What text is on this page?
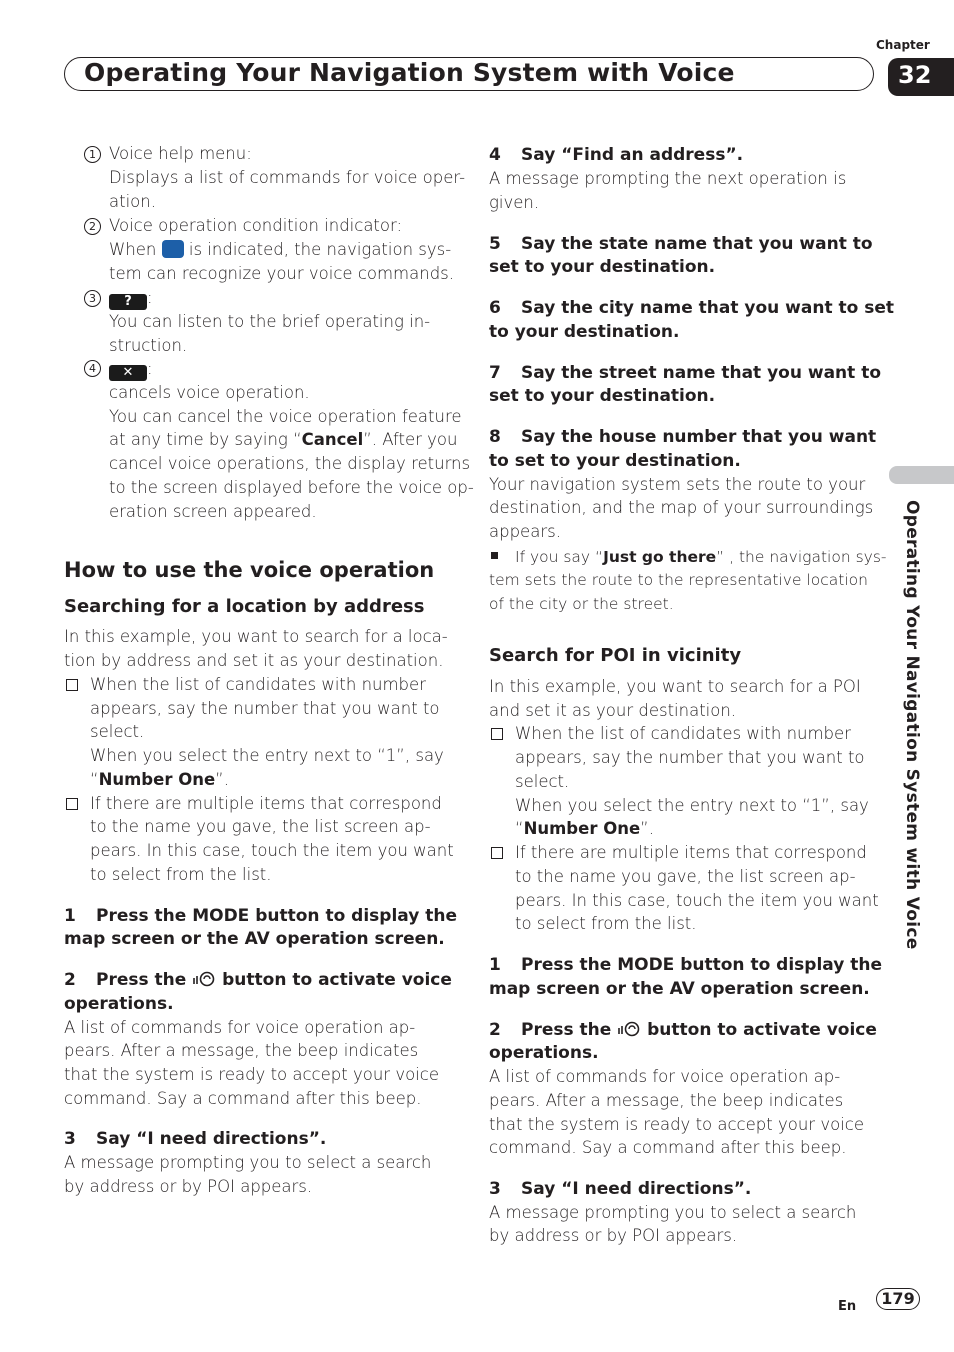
Chapter
Operating Your Navigation System with Voice	32
Operating Your Navigation System with Voice
1 Voice help menu:
Displays a list of commands for voice oper-
ation.
2 Voice operation condition indicator:
When is indicated, the navigation sys-
tem can recognize your voice commands.
3	? :
You can listen to the brief operating in-
struction.
4	✕ :
cancels voice operation.
You can cancel the voice operation feature
at any time by saying “Cancel”. After you
cancel voice operations, the display returns
to the screen displayed before the voice op-
eration screen appeared.
How to use the voice operation
Searching for a location by address
In this example, you want to search for a loca-
tion by address and set it as your destination.
When the list of candidates with number
appears, say the number that you want to
select.
When you select the entry next to “1”, say
“Number One”.
If there are multiple items that correspond
to the name you gave, the list screen ap-
pears. In this case, touch the item you want
to select from the list.
1 Press the MODE button to display the
map screen or the AV operation screen.
2 Press the button to activate voice
operations.
A list of commands for voice operation ap-
pears. After a message, the beep indicates
that the system is ready to accept your voice
command. Say a command after this beep.
3 Say “I need directions”.
A message prompting you to select a search
by address or by POI appears.
4 Say “Find an address”.
A message prompting the next operation is
given.
5 Say the state name that you want to
set to your destination.
6 Say the city name that you want to set
to your destination.
7 Say the street name that you want to
set to your destination.
8 Say the house number that you want
to set to your destination.
Your navigation system sets the route to your
destination, and the map of your surroundings
appears.
If you say “Just go there” , the navigation sys-
tem sets the route to the representative location
of the city or the street.
Search for POI in vicinity
In this example, you want to search for a POI
and set it as your destination.
When the list of candidates with number
appears, say the number that you want to
select.
When you select the entry next to “1”, say
“Number One”.
If there are multiple items that correspond
to the name you gave, the list screen ap-
pears. In this case, touch the item you want
to select from the list.
1 Press the MODE button to display the
map screen or the AV operation screen.
2 Press the button to activate voice
operations.
A list of commands for voice operation ap-
pears. After a message, the beep indicates
that the system is ready to accept your voice
command. Say a command after this beep.
3 Say “I need directions”.
A message prompting you to select a search
by address or by POI appears.
En	179
